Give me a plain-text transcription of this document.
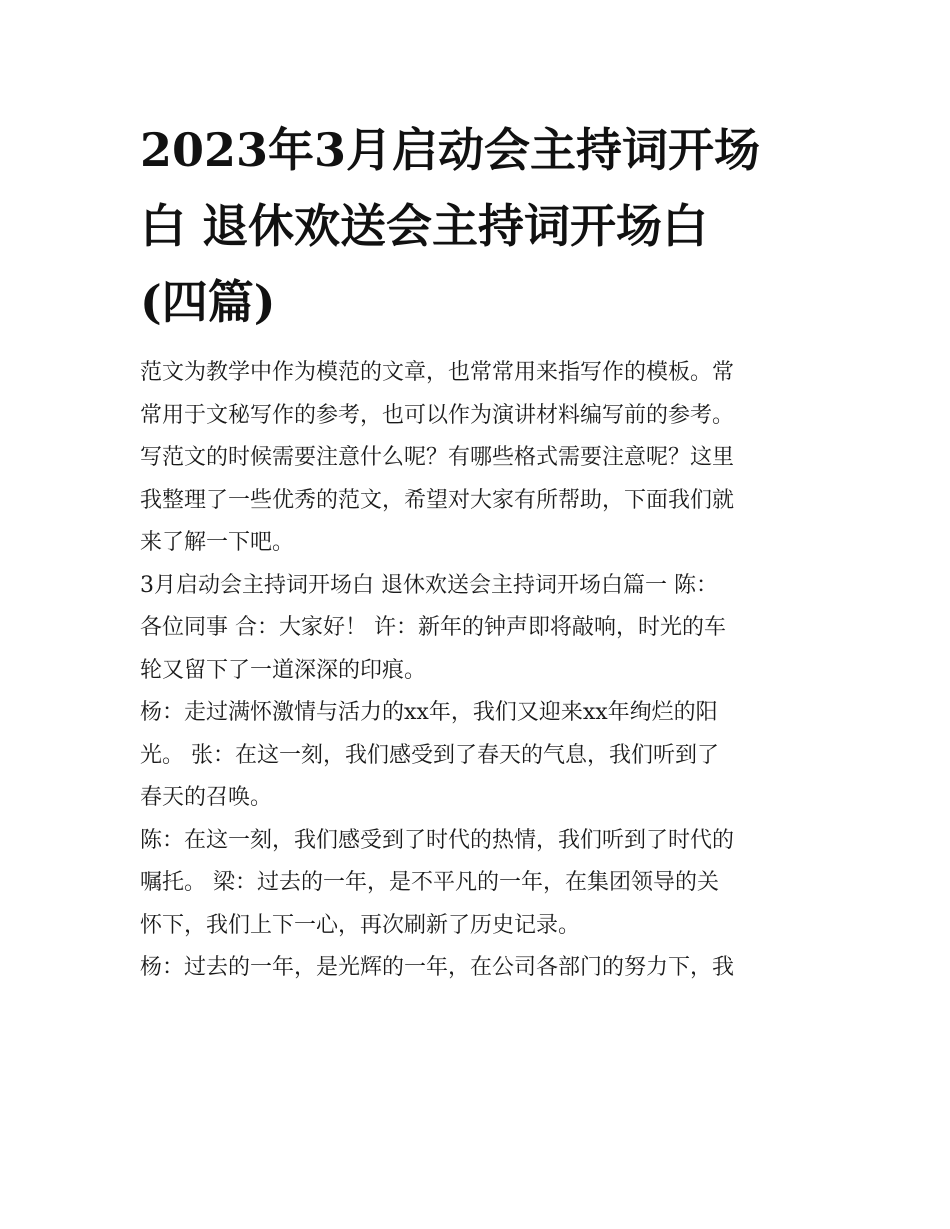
2023年3月启动会主持词开场
白 退休欢送会主持词开场白
(四篇)

范文为教学中作为模范的文章，也常常用来指写作的模板。常
常用于文秘写作的参考，也可以作为演讲材料编写前的参考。
写范文的时候需要注意什么呢？有哪些格式需要注意呢？这里
我整理了一些优秀的范文，希望对大家有所帮助，下面我们就
来了解一下吧。

3月启动会主持词开场白 退休欢送会主持词开场白篇一 陈：
各位同事 合：大家好！ 许：新年的钟声即将敲响，时光的车
轮又留下了一道深深的印痕。

杨：走过满怀激情与活力的xx年，我们又迎来xx年绚烂的阳
光。 张：在这一刻，我们感受到了春天的气息，我们听到了
春天的召唤。

陈：在这一刻，我们感受到了时代的热情，我们听到了时代的
嘱托。 梁：过去的一年，是不平凡的一年，在集团领导的关
怀下，我们上下一心，再次刷新了历史记录。

杨：过去的一年，是光辉的一年，在公司各部门的努力下，我
